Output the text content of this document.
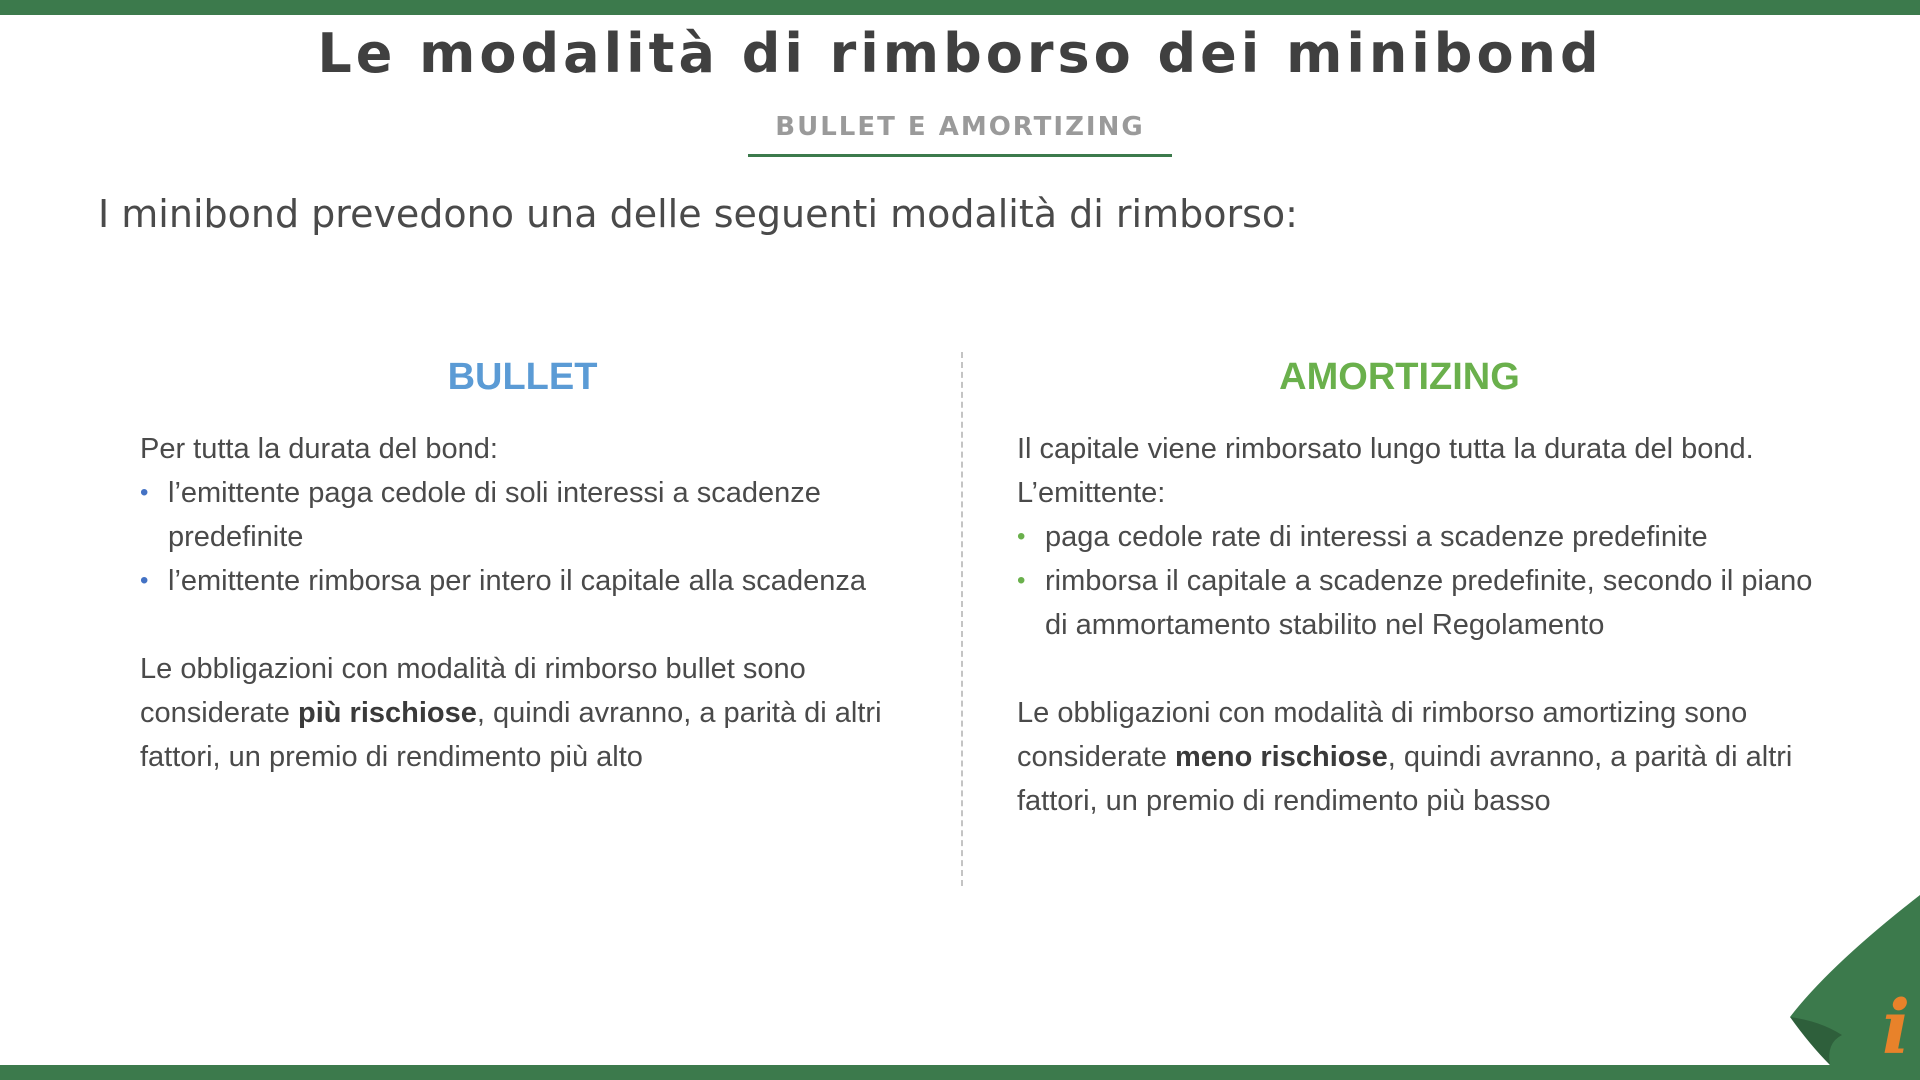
Le modalità di rimborso dei minibond
BULLET E AMORTIZING

I minibond prevedono una delle seguenti modalità di rimborso:

BULLET

Per tutta la durata del bond:

• l’emittente paga cedole di soli interessi a scadenze predefinite
• l’emittente rimborsa per intero il capitale alla scadenza

Le obbligazioni con modalità di rimborso bullet sono considerate più rischiose, quindi avranno, a parità di altri fattori, un premio di rendimento più alto

AMORTIZING

Il capitale viene rimborsato lungo tutta la durata del bond. L’emittente:

• paga cedole rate di interessi a scadenze predefinite
• rimborsa il capitale a scadenze predefinite, secondo il piano di ammortamento stabilito nel Regolamento

Le obbligazioni con modalità di rimborso amortizing sono considerate meno rischiose, quindi avranno, a parità di altri fattori, un premio di rendimento più basso

i
